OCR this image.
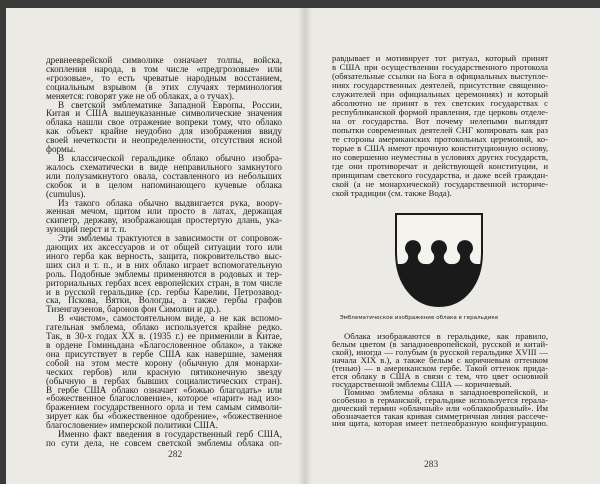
древнееврейской символике означает толпы, войска,
скопления народа, в том числе «предгрозовые» или
«грозовые», то есть чреватые народным восстанием,
социальным взрывом (в этих случаях терминология
меняется: говорят уже не об облаках, а о тучах).
В светской эмблематике Западной Европы, России,
Китая и США вышеуказанные символические значения
облака нашли свое отражение вопреки тому, что облако
как объект крайне неудобно для изображения ввиду
своей нечеткости и неопределенности, отсутствия ясной
формы.
В классической геральдике облако обычно изобра-
жалось схематически в виде неправильного замкнутого
или полузамкнутого овала, составленного из небольших
скобок и в целом напоминающего кучевые облака
(cumulus).
Из такого облака обычно выдвигается рука, воору-
женная мечом, щитом или просто в латах, держащая
скипетр, державу, изображающая простертую длань, ука-
зующий перст и т. п.
Эти эмблемы трактуются в зависимости от сопровож-
дающих их аксессуаров и от общей ситуации того или
иного герба как верность, защита, покровительство выс-
ших сил и т. п., и в них облако играет вспомогательную
роль. Подобные эмблемы применяются в родовых и тер-
риториальных гербах всех европейских стран, в том числе
и в русской геральдике (ср. гербы Карелии, Петрозавод-
ска, Пскова, Вятки, Вологды, а также гербы графов
Тизенгаузенов, баронов фон Симолин и др.).
В «чистом», самостоятельном виде, а не как вспомо-
гательная эмблема, облако используется крайне редко.
Так, в 30-х годах XX в. (1935 г.) ее применили в Китае,
в ордене Гоминьдана «Благословенное облако», а также
она присутствует в гербе США как навершие, заменяя
собой на этом месте корону (обычную для монархи-
ческих гербов) или красную пятиконечную звезду
(обычную в гербах бывших социалистических стран).
В гербе США облако означает «божью благодать» или
«божественное благословение», которое «парит» над изо-
бражением государственного орла и тем самым символи-
зирует как бы «божественное одобрение», «божественное
благословение» имперской политики США.
Именно факт введения в государственный герб США,
по сути дела, не совсем светской эмблемы облака оп-
282
равдывает и мотивирует тот ритуал, который принят
в США при осуществлении государственного протокола
(обязательные ссылки на Бога в официальных выступле-
ниях государственных деятелей, присутствие священно-
служителей при официальных церемониях) и который
абсолютно не принят в тех светских государствах с
республиканской формой правления, где церковь отделе-
на от государства. Вот почему нелепыми выглядят
попытки современных деятелей СНГ копировать как раз
те стороны американских протокольных церемоний, ко-
торые в США имеют прочную конституционную основу,
но совершенно неуместны в условиях других государств,
где они противоречат и действующей конституции, и
принципам светского государства, и даже всей граждан-
ской (а не монархической) государственной историче-
ской традиции (см. также Вода).
Эмблематическое изображение облака в геральдике
Облака изображаются в геральдике, как правило,
белым цветом (в западноевропейской, русской и китай-
ской), иногда — голубым (в русской геральдике XVIII —
начала XIX в.), а также белым с коричневым оттенком
(тенью) — в американском гербе. Такой оттенок прида-
ется облаку в США в связи с тем, что цвет основной
государственной эмблемы США — коричневый.
Помимо эмблемы облака в западноевропейской, и
особенно в германской, геральдике используется герала-
дический термин «облачный» или «облакообразный». Им
обозначается такая кривая симметричная линия рассече-
ния щита, которая имеет петлеобразную конфигурацию.
283
